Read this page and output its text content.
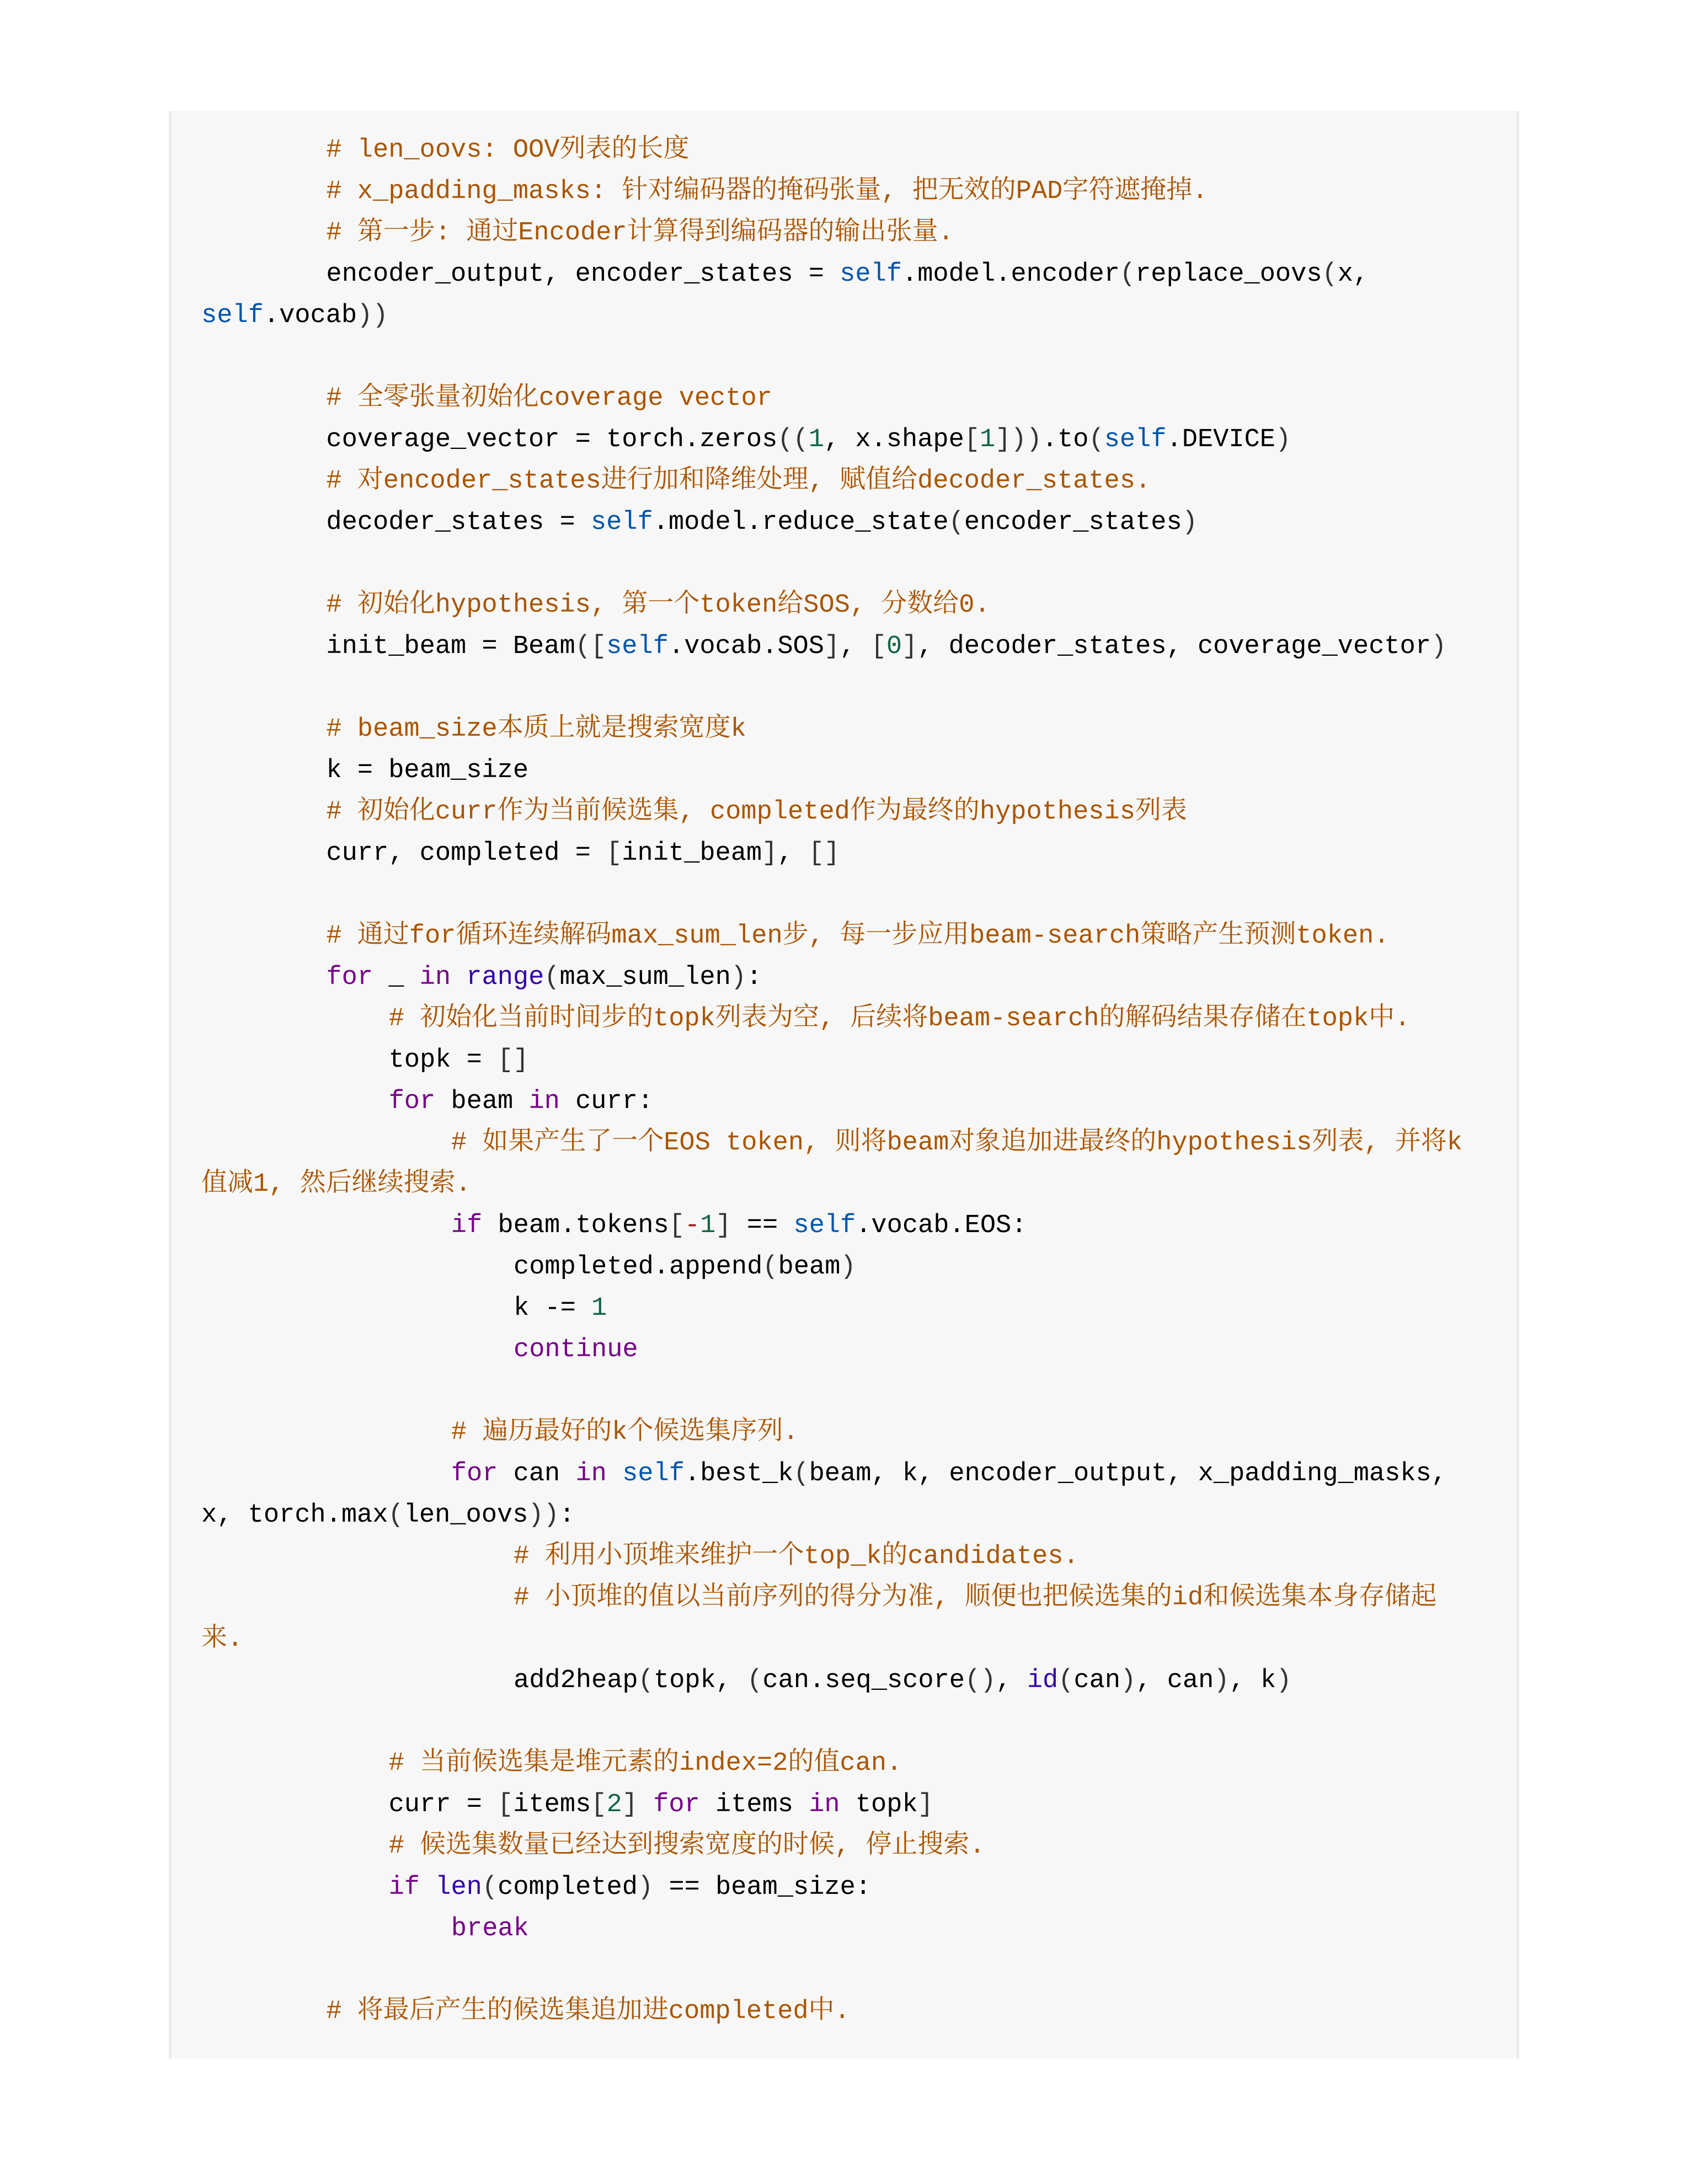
# len_oovs: OOV列表的长度
# x_padding_masks: 针对编码器的掩码张量, 把无效的PAD字符遮掩掉.
# 第一步: 通过Encoder计算得到编码器的输出张量.
encoder_output, encoder_states = self.model.encoder(replace_oovs(x,
self.vocab))
# 全零张量初始化coverage vector
coverage_vector = torch.zeros((1, x.shape[1])).to(self.DEVICE)
# 对encoder_states进行加和降维处理, 赋值给decoder_states.
decoder_states = self.model.reduce_state(encoder_states)
# 初始化hypothesis, 第一个token给SOS, 分数给0.
init_beam = Beam([self.vocab.SOS], [0], decoder_states, coverage_vector)
# beam_size本质上就是搜索宽度k
k = beam_size
# 初始化curr作为当前候选集, completed作为最终的hypothesis列表
curr, completed = [init_beam], []
# 通过for循环连续解码max_sum_len步, 每一步应用beam-search策略产生预测token.
for _ in range(max_sum_len):
# 初始化当前时间步的topk列表为空, 后续将beam-search的解码结果存储在topk中.
topk = []
for beam in curr:
# 如果产生了一个EOS token, 则将beam对象追加进最终的hypothesis列表, 并将k
值减1, 然后继续搜索.
if beam.tokens[-1] == self.vocab.EOS:
completed.append(beam)
k -= 1
continue
# 遍历最好的k个候选集序列.
for can in self.best_k(beam, k, encoder_output, x_padding_masks,
x, torch.max(len_oovs)):
# 利用小顶堆来维护一个top_k的candidates.
# 小顶堆的值以当前序列的得分为准, 顺便也把候选集的id和候选集本身存储起
来.
add2heap(topk, (can.seq_score(), id(can), can), k)
# 当前候选集是堆元素的index=2的值can.
curr = [items[2] for items in topk]
# 候选集数量已经达到搜索宽度的时候, 停止搜索.
if len(completed) == beam_size:
break
# 将最后产生的候选集追加进completed中.
